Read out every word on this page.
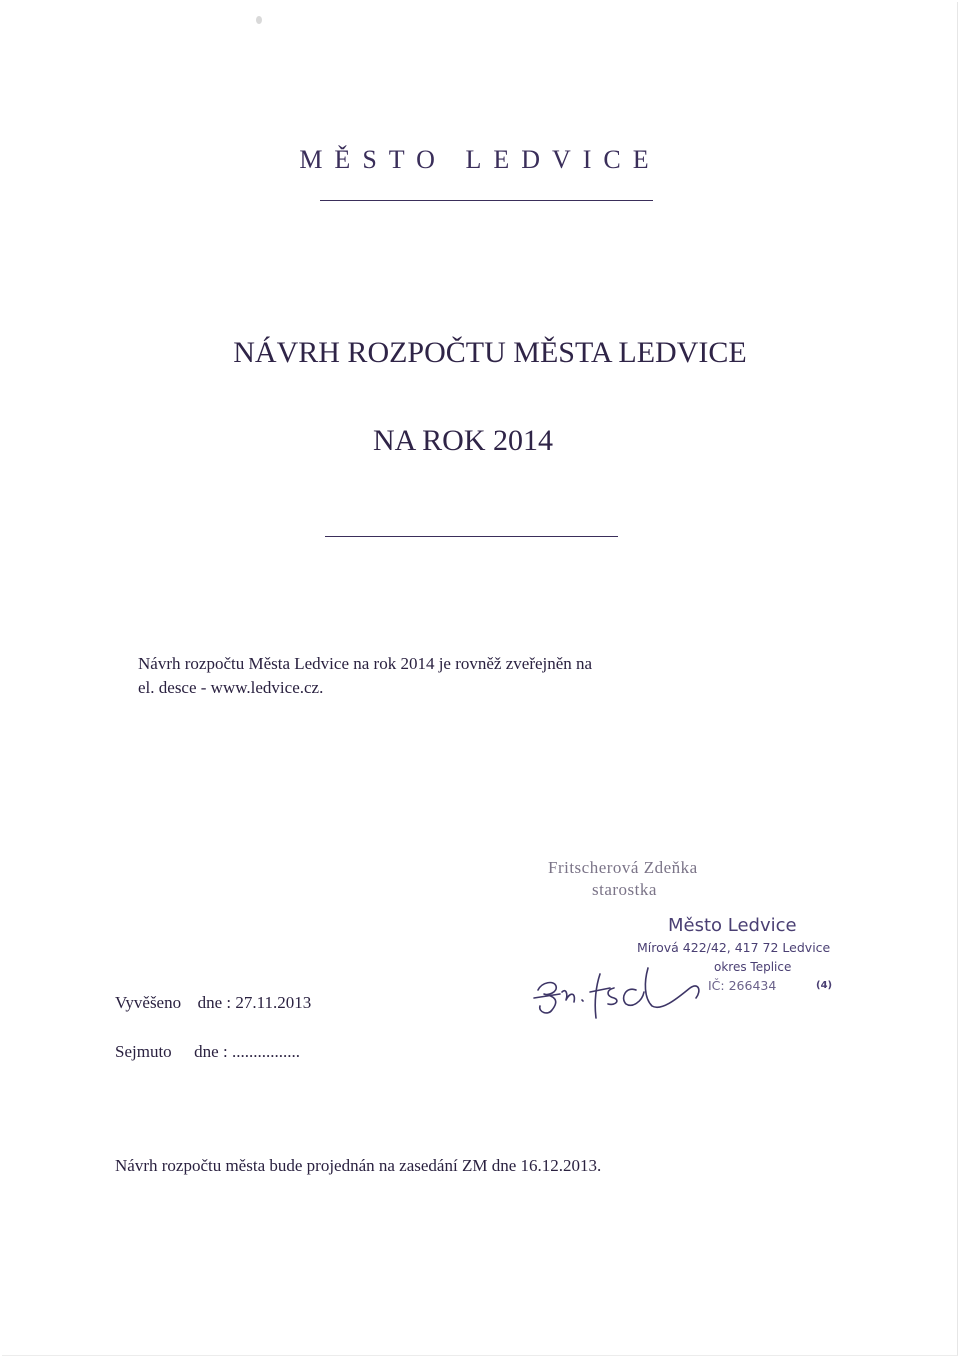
MĚSTO LEDVICE
NÁVRH ROZPOČTU MĚSTA LEDVICE
NA ROK 2014
Návrh rozpočtu Města Ledvice na rok 2014 je rovněž zveřejněn na
el. desce - www.ledvice.cz.
Fritscherová Zdeňka
starostka
Město Ledvice
Mírová 422/42, 417 72 Ledvice
okres Teplice
IČ: 266434	(4)
Vyvěšeno dne : 27.11.2013
Sejmuto dne : ................
Návrh rozpočtu města bude projednán na zasedání ZM dne 16.12.2013.
